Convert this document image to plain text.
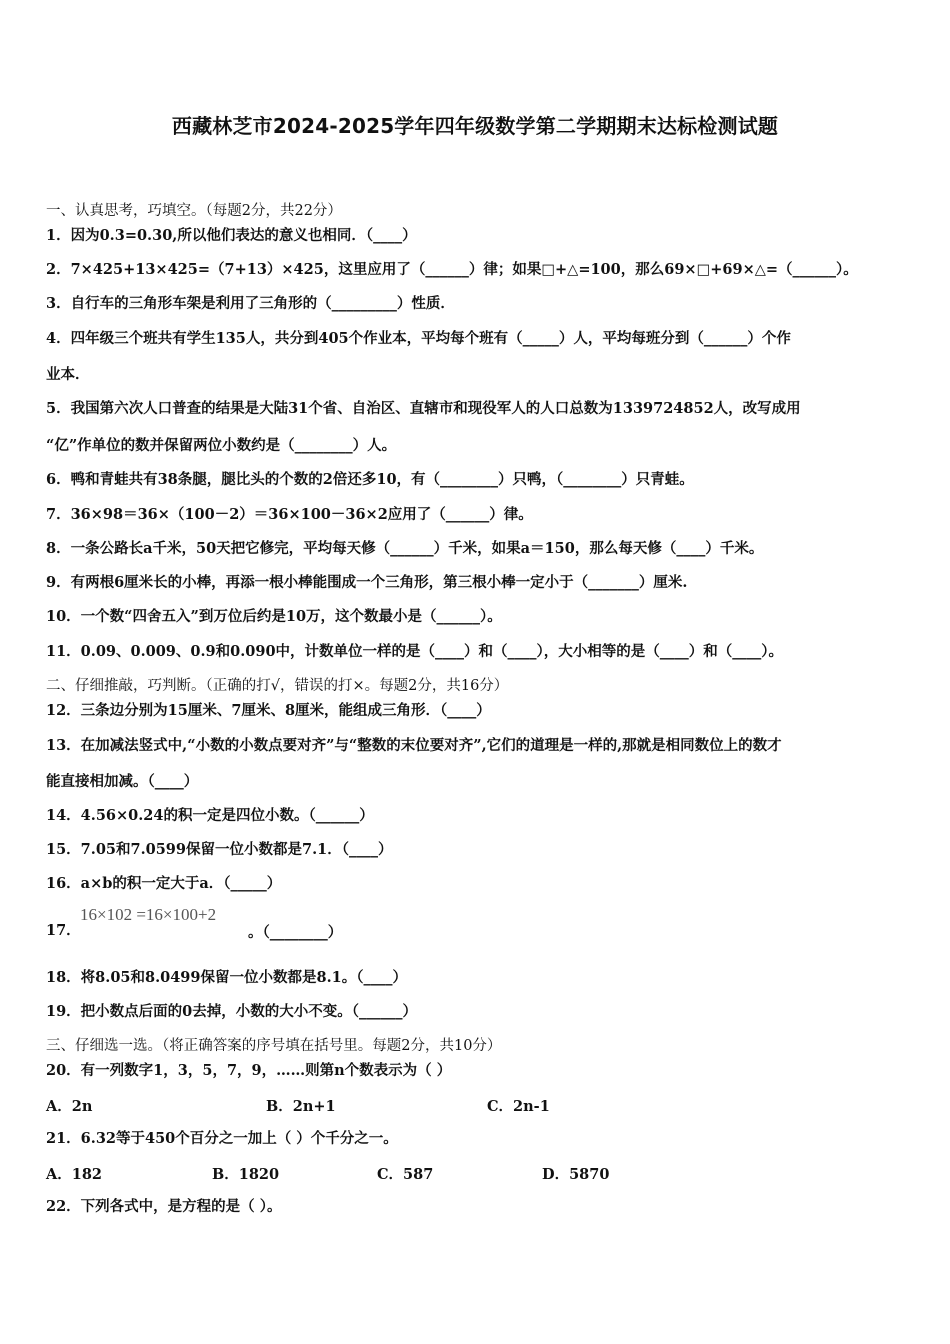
西藏林芝市2024-2025学年四年级数学第二学期期末达标检测试题
一、认真思考，巧填空。（每题2分，共22分）
1．因为0.3=0.30,所以他们表达的意义也相同．（____）
2．7×425+13×425=（7+13）×425，这里应用了（______）律；如果□+△=100，那么69×□+69×△=（______）。
3．自行车的三角形车架是利用了三角形的（_________）性质．
4．四年级三个班共有学生135人，共分到405个作业本，平均每个班有（_____）人，平均每班分到（______）个作
业本．
5．我国第六次人口普查的结果是大陆31个省、自治区、直辖市和现役军人的人口总数为1339724852人，改写成用
“亿”作单位的数并保留两位小数约是（________）人。
6．鸭和青蛙共有38条腿，腿比头的个数的2倍还多10，有（________）只鸭，（________）只青蛙。
7．36×98＝36×（100－2）＝36×100－36×2应用了（______）律。
8．一条公路长a千米，50天把它修完，平均每天修（______）千米，如果a＝150，那么每天修（____）千米。
9．有两根6厘米长的小棒，再添一根小棒能围成一个三角形，第三根小棒一定小于（_______）厘米.
10．一个数“四舍五入”到万位后约是10万，这个数最小是（______）。
11．0.09、0.009、0.9和0.090中，计数单位一样的是（____）和（____），大小相等的是（____）和（____）。
二、仔细推敲，巧判断。（正确的打√，错误的打×。每题2分，共16分）
12．三条边分别为15厘米、7厘米、8厘米，能组成三角形．（____）
13．在加减法竖式中,“小数的小数点要对齐”与“整数的末位要对齐”,它们的道理是一样的,那就是相同数位上的数才
能直接相加减。（____）
14．4.56×0.24的积一定是四位小数。（______）
15．7.05和7.0599保留一位小数都是7.1．（____）
16．a×b的积一定大于a．（_____）
17．
16×102 =16×100+2
。（________）
18．将8.05和8.0499保留一位小数都是8.1。（____）
19．把小数点后面的0去掉，小数的大小不变。（______）
三、仔细选一选。（将正确答案的序号填在括号里。每题2分，共10分）
20．有一列数字1，3，5，7，9，……则第n个数表示为（ ）
A．2n	B．2n+1	C．2n-1
21．6.32等于450个百分之一加上（ ）个千分之一。
A．182	B．1820	C．587	D．5870
22．下列各式中，是方程的是（ ）。
